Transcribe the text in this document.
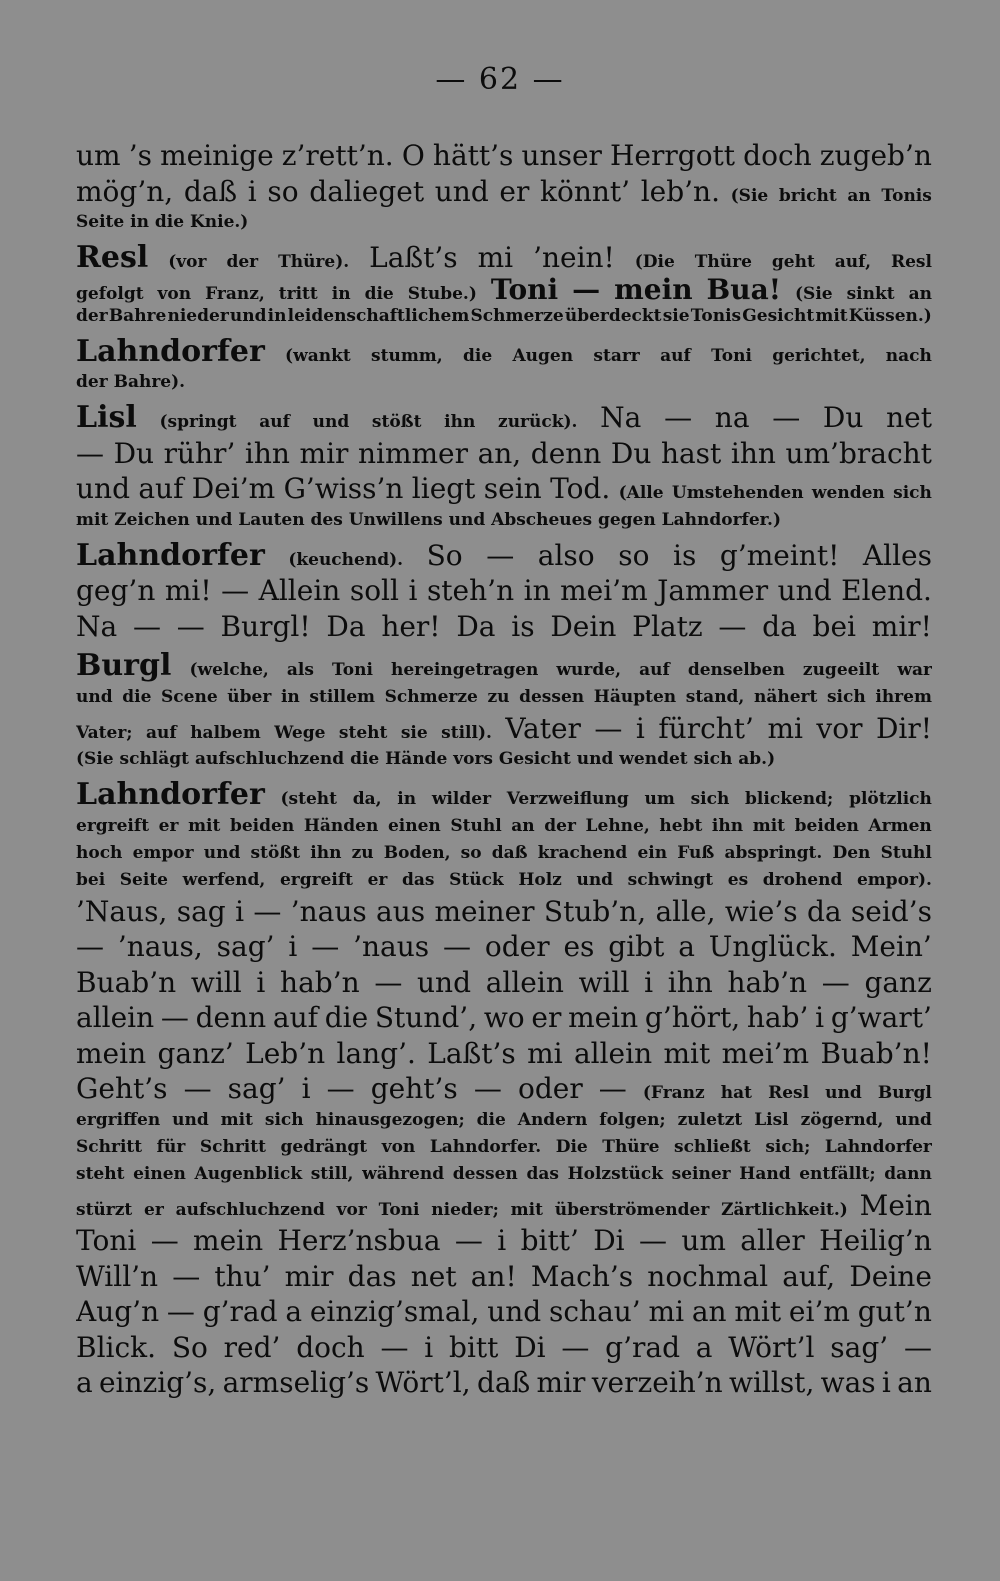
— 62 —
um ’s meinige z’rett’n. O hätt’s unser Herrgott doch zugeb’n
mög’n, daß i so dalieget und er könnt’ leb’n. (Sie bricht an Tonis
Seite in die Knie.)
Resl (vor der Thüre). Laßt’s mi ’nein! (Die Thüre geht auf, Resl
gefolgt von Franz, tritt in die Stube.) Toni — mein Bua! (Sie sinkt an
der Bahre nieder und in leidenschaftlichem Schmerze überdeckt sie Tonis Gesicht mit Küssen.)
Lahndorfer (wankt stumm, die Augen starr auf Toni gerichtet, nach
der Bahre).
Lisl (springt auf und stößt ihn zurück). Na — na — Du net
— Du rühr’ ihn mir nimmer an, denn Du hast ihn um’bracht
und auf Dei’m G’wiss’n liegt sein Tod. (Alle Umstehenden wenden sich
mit Zeichen und Lauten des Unwillens und Abscheues gegen Lahndorfer.)
Lahndorfer (keuchend). So — also so is g’meint! Alles
geg’n mi! — Allein soll i steh’n in mei’m Jammer und Elend.
Na — — Burgl! Da her! Da is Dein Platz — da bei mir!
Burgl (welche, als Toni hereingetragen wurde, auf denselben zugeeilt war
und die Scene über in stillem Schmerze zu dessen Häupten stand, nähert sich ihrem
Vater; auf halbem Wege steht sie still). Vater — i fürcht’ mi vor Dir!
(Sie schlägt aufschluchzend die Hände vors Gesicht und wendet sich ab.)
Lahndorfer (steht da, in wilder Verzweiflung um sich blickend; plötzlich
ergreift er mit beiden Händen einen Stuhl an der Lehne, hebt ihn mit beiden Armen
hoch empor und stößt ihn zu Boden, so daß krachend ein Fuß abspringt. Den Stuhl
bei Seite werfend, ergreift er das Stück Holz und schwingt es drohend empor).
’Naus, sag i — ’naus aus meiner Stub’n, alle, wie’s da seid’s
— ’naus, sag’ i — ’naus — oder es gibt a Unglück. Mein’
Buab’n will i hab’n — und allein will i ihn hab’n — ganz
allein — denn auf die Stund’, wo er mein g’hört, hab’ i g’wart’
mein ganz’ Leb’n lang’. Laßt’s mi allein mit mei’m Buab’n!
Geht’s — sag’ i — geht’s — oder — (Franz hat Resl und Burgl
ergriffen und mit sich hinausgezogen; die Andern folgen; zuletzt Lisl zögernd, und
Schritt für Schritt gedrängt von Lahndorfer. Die Thüre schließt sich; Lahndorfer
steht einen Augenblick still, während dessen das Holzstück seiner Hand entfällt; dann
stürzt er aufschluchzend vor Toni nieder; mit überströmender Zärtlichkeit.) Mein
Toni — mein Herz’nsbua — i bitt’ Di — um aller Heilig’n
Will’n — thu’ mir das net an! Mach’s nochmal auf, Deine
Aug’n — g’rad a einzig’smal, und schau’ mi an mit ei’m gut’n
Blick. So red’ doch — i bitt Di — g’rad a Wört’l sag’ —
a einzig’s, armselig’s Wört’l, daß mir verzeih’n willst, was i an
